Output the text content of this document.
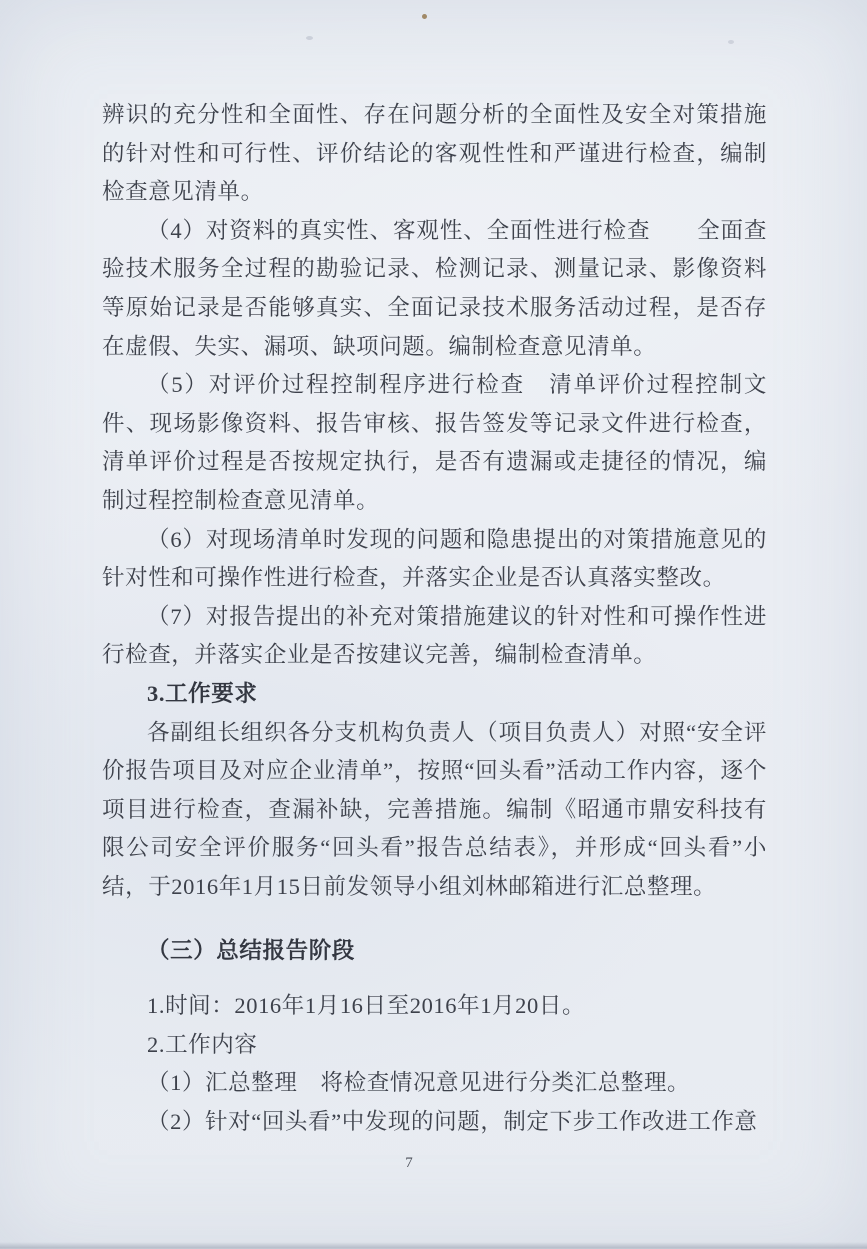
辨识的充分性和全面性、存在问题分析的全面性及安全对策措施的针对性和可行性、评价结论的客观性性和严谨进行检查，编制检查意见清单。

（4）对资料的真实性、客观性、全面性进行检查　　全面查验技术服务全过程的勘验记录、检测记录、测量记录、影像资料等原始记录是否能够真实、全面记录技术服务活动过程，是否存在虚假、失实、漏项、缺项问题。编制检查意见清单。

（5）对评价过程控制程序进行检查　清单评价过程控制文件、现场影像资料、报告审核、报告签发等记录文件进行检查，清单评价过程是否按规定执行，是否有遗漏或走捷径的情况，编制过程控制检查意见清单。

（6）对现场清单时发现的问题和隐患提出的对策措施意见的针对性和可操作性进行检查，并落实企业是否认真落实整改。

（7）对报告提出的补充对策措施建议的针对性和可操作性进行检查，并落实企业是否按建议完善，编制检查清单。

3.工作要求

各副组长组织各分支机构负责人（项目负责人）对照“安全评价报告项目及对应企业清单”，按照“回头看”活动工作内容，逐个项目进行检查，查漏补缺，完善措施。编制《昭通市鼎安科技有限公司安全评价服务“回头看”报告总结表》，并形成“回头看”小结，于2016年1月15日前发领导小组刘林邮箱进行汇总整理。

（三）总结报告阶段

1.时间：2016年1月16日至2016年1月20日。

2.工作内容

（1）汇总整理　将检查情况意见进行分类汇总整理。

（2）针对“回头看”中发现的问题，制定下步工作改进工作意

7
